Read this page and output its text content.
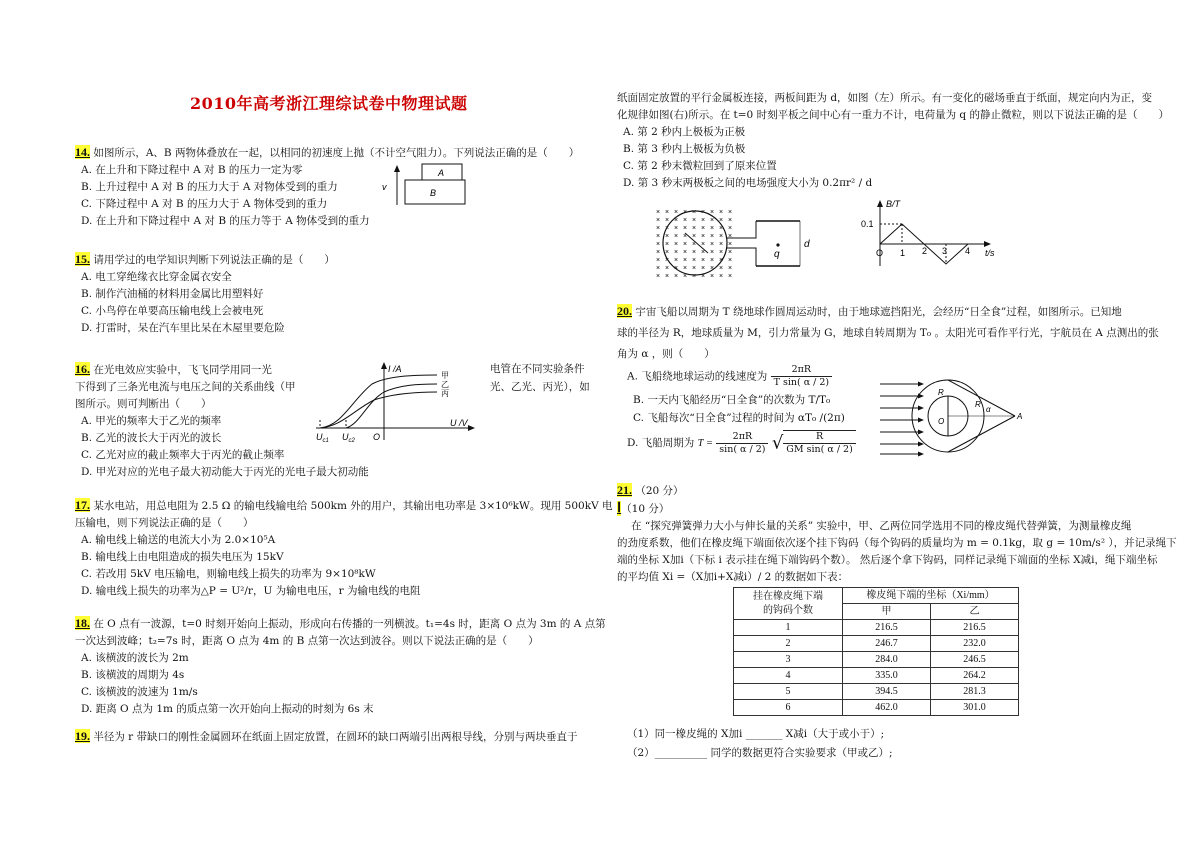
2010年高考浙江理综试卷中物理试题
14. 如图所示，A、B 两物体叠放在一起，以相同的初速度上抛（不计空气阻力）。下列说法正确的是（　　）
A. 在上升和下降过程中 A 对 B 的压力一定为零
B. 上升过程中 A 对 B 的压力大于 A 对物体受到的重力
C. 下降过程中 A 对 B 的压力大于 A 物体受到的重力
D. 在上升和下降过程中 A 对 B 的压力等于 A 物体受到的重力
v
A
B
15. 请用学过的电学知识判断下列说法正确的是（　　）
A. 电工穿绝缘衣比穿金属衣安全
B. 制作汽油桶的材料用金属比用塑料好
C. 小鸟停在单要高压输电线上会被电死
D. 打雷时，呆在汽车里比呆在木屋里要危险
16. 在光电效应实验中，飞飞同学用同一光	电管在不同实验条件
下得到了三条光电流与电压之间的关系曲线（甲	光、乙光、丙光），如
图所示。则可判断出（　　）
A. 甲光的频率大于乙光的频率
B. 乙光的波长大于丙光的波长
C. 乙光对应的截止频率大于丙光的截止频率
D. 甲光对应的光电子最大初动能大于丙光的光电子最大初动能
I /A
U /V
O
甲
乙
丙
$U_{c1}$ $U_{c2}$
17. 某水电站，用总电阻为 2.5 Ω 的输电线输电给 500km 外的用户，其输出电功率是 3×10⁶kW。现用 500kV 电
压输电，则下列说法正确的是（　　）
A. 输电线上输送的电流大小为 2.0×10⁵A
B. 输电线上由电阻造成的损失电压为 15kV
C. 若改用 5kV 电压输电，则输电线上损失的功率为 9×10⁸kW
D. 输电线上损失的功率为△P = U²/r，U 为输电电压，r 为输电线的电阻
18. 在 O 点有一波源，t=0 时刻开始向上振动，形成向右传播的一列横波。t₁=4s 时，距离 O 点为 3m 的 A 点第
一次达到波峰；t₂=7s 时，距离 O 点为 4m 的 B 点第一次达到波谷。则以下说法正确的是（　　）
A. 该横波的波长为 2m
B. 该横波的周期为 4s
C. 该横波的波速为 1m/s
D. 距离 O 点为 1m 的质点第一次开始向上振动的时刻为 6s 末
19. 半径为 r 带缺口的刚性金属圆环在纸面上固定放置，在圆环的缺口两端引出两根导线，分别与两块垂直于
纸面固定放置的平行金属板连接，两板间距为 d，如图（左）所示。有一变化的磁场垂直于纸面，规定向内为正，变
化规律如图(右)所示。在 t=0 时刻平板之间中心有一重力不计，电荷量为 q 的静止微粒，则以下说法正确的是（　　）
A. 第 2 秒内上极板为正极
B. 第 3 秒内上极板为负极
C. 第 2 秒末微粒回到了原来位置
D. 第 3 秒末两极板之间的电场强度大小为 0.2πr² / d
× × × × × × × × ×
× × × × × × × × ×
× × × × × × × × ×
× × × × × × × × ×
× × × × × × × × ×
× × × × × × × × ×
× × × × × × × × ×
× × × × × × × × ×
× × × × × × × × ×
q
d
B/T
t/s
0.1
O 1 2 3 4
20. 宇宙飞船以周期为 T 绕地球作圆周运动时，由于地球遮挡阳光，会经历“日全食”过程，如图所示。已知地
球的半径为 R，地球质量为 M，引力常量为 G，地球自转周期为 T₀ 。太阳光可看作平行光，宇航员在 A 点测出的张
角为 α ，则（　　）
A. 飞船绕地球运动的线速度为 $\frac{2\pi R}{\text{T sin( α / 2)}}$
B. 一天内飞船经历“日全食”的次数为 T/T₀
C. 飞船每次“日全食”过程的时间为 αT₀ /(2π)
D. 飞船周期为 $T = \frac{2\pi R}{\sin( \alpha / 2)}$ √ $\frac{R}{\text{GM sin( α / 2)}}$
R
R
O
α
A
21. （20 分）
Ⅰ（10 分）
在 “探究弹簧弹力大小与伸长量的关系” 实验中，甲、乙两位同学选用不同的橡皮绳代替弹簧，为测量橡皮绳
的劲度系数，他们在橡皮绳下端面依次逐个挂下钩码（每个钩码的质量均为 m = 0.1kg，取 g = 10m/s² ），并记录绳下
端的坐标 X加i（下标 i 表示挂在绳下端钩码个数）。 然后逐个拿下钩码，同样记录绳下端面的坐标 X减i，绳下端坐标
的平均值 Xi =（X加i+X减i）/ 2 的数据如下表：
挂在橡皮绳下端
的钩码个数	橡皮绳下端的坐标（Xi/mm）	
	甲	乙
1	216.5	216.5
2	246.7	232.0
3	284.0	246.5
4	335.0	264.2
5	394.5	281.3
6	462.0	301.0
（1）同一橡皮绳的 X加i _______ X减i（大于或小于）;
（2）__________ 同学的数据更符合实验要求（甲或乙）;
